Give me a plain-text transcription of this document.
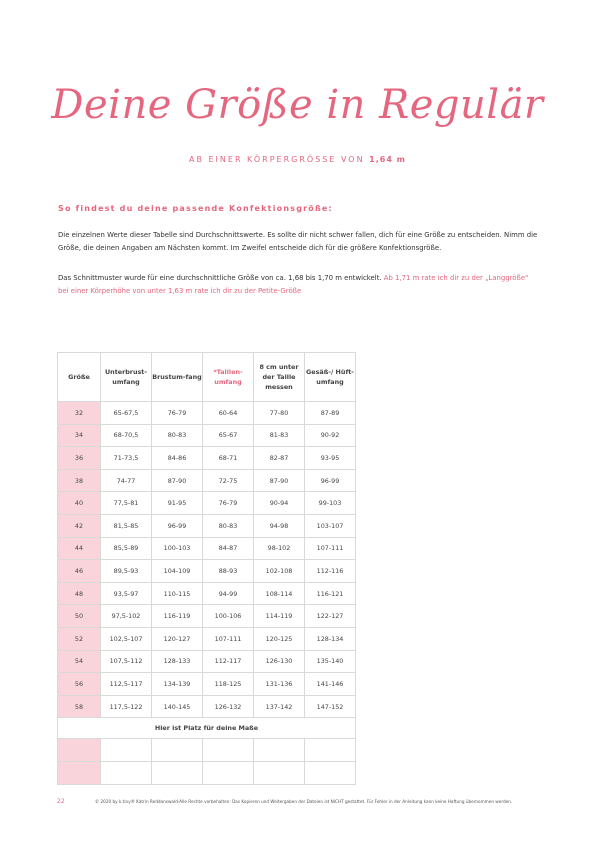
Deine Größe in Regulär
AB EINER KÖRPERGRÖSSE VON 1,64 m
So findest du deine passende Konfektionsgröße:
Die einzelnen Werte dieser Tabelle sind Durchschnittswerte. Es sollte dir nicht schwer fallen, dich für eine Größe zu entscheiden. Nimm die Größe, die deinen Angaben am Nächsten kommt. Im Zweifel entscheide dich für die größere Konfektionsgröße.
Das Schnittmuster wurde für eine durchschnittliche Größe von ca. 1,68 bis 1,70 m entwickelt. Ab 1,71 m rate ich dir zu der „Langgröße“ bei einer Körperhöhe von unter 1,63 m rate ich dir zu der Petite-Größe
Größe	Unterbrust-umfang	Brustum-fang	*Taillen-umfang	8 cm unter der Taille messen	Gesäß-/ Hüft-umfang
32	65-67,5	76-79	60-64	77-80	87-89
34	68-70,5	80-83	65-67	81-83	90-92
36	71-73,5	84-86	68-71	82-87	93-95
38	74-77	87-90	72-75	87-90	96-99
40	77,5-81	91-95	76-79	90-94	99-103
42	81,5-85	96-99	80-83	94-98	103-107
44	85,5-89	100-103	84-87	98-102	107-111
46	89,5-93	104-109	88-93	102-108	112-116
48	93,5-97	110-115	94-99	108-114	116-121
50	97,5-102	116-119	100-106	114-119	122-127
52	102,5-107	120-127	107-111	120-125	128-134
54	107,5-112	128-133	112-117	126-130	135-140
56	112,5-117	134-139	118-125	131-136	141-146
58	117,5-122	140-145	126-132	137-142	147-152
Hier ist Platz für deine Maße					

22	© 2020 by k.tiny® Katrin Reddanswald-Alle Rechte vorbehalten: Das Kopieren und Weitergaben der Dateien ist NICHT gestattet. Für Fehler in der Anleitung kann keine Haftung übernommen werden.
